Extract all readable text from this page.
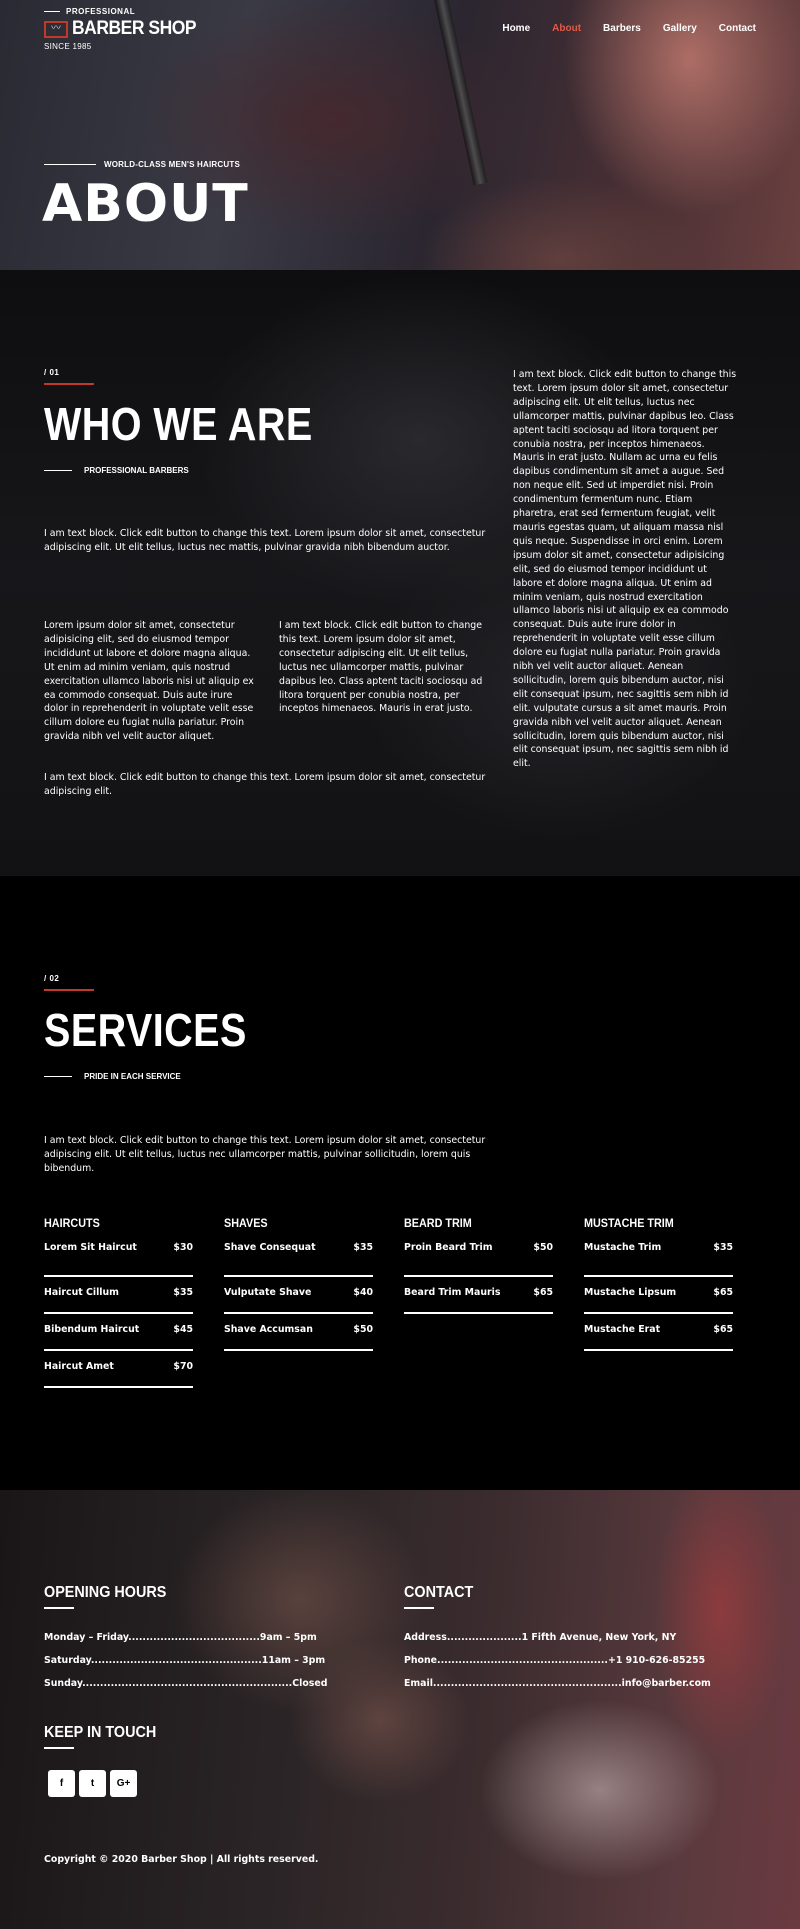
PROFESSIONAL
〰 BARBER SHOP
SINCE 1985
Home About Barbers Gallery Contact
WORLD-CLASS MEN'S HAIRCUTS
ABOUT
/ 01
WHO WE ARE
PROFESSIONAL BARBERS

I am text block. Click edit button to change this text. Lorem ipsum dolor sit amet, consectetur adipiscing elit. Ut elit tellus, luctus nec mattis, pulvinar gravida nibh bibendum auctor.

Lorem ipsum dolor sit amet, consectetur adipisicing elit, sed do eiusmod tempor incididunt ut labore et dolore magna aliqua. Ut enim ad minim veniam, quis nostrud exercitation ullamco laboris nisi ut aliquip ex ea commodo consequat. Duis aute irure dolor in reprehenderit in voluptate velit esse cillum dolore eu fugiat nulla pariatur. Proin gravida nibh vel velit auctor aliquet.

I am text block. Click edit button to change this text. Lorem ipsum dolor sit amet, consectetur adipiscing elit. Ut elit tellus, luctus nec ullamcorper mattis, pulvinar dapibus leo. Class aptent taciti sociosqu ad litora torquent per conubia nostra, per inceptos himenaeos. Mauris in erat justo.

I am text block. Click edit button to change this text. Lorem ipsum dolor sit amet, consectetur adipiscing elit.

I am text block. Click edit button to change this text. Lorem ipsum dolor sit amet, consectetur adipiscing elit. Ut elit tellus, luctus nec ullamcorper mattis, pulvinar dapibus leo. Class aptent taciti sociosqu ad litora torquent per conubia nostra, per inceptos himenaeos. Mauris in erat justo. Nullam ac urna eu felis dapibus condimentum sit amet a augue. Sed non neque elit. Sed ut imperdiet nisi. Proin condimentum fermentum nunc. Etiam pharetra, erat sed fermentum feugiat, velit mauris egestas quam, ut aliquam massa nisl quis neque. Suspendisse in orci enim. Lorem ipsum dolor sit amet, consectetur adipisicing elit, sed do eiusmod tempor incididunt ut labore et dolore magna aliqua. Ut enim ad minim veniam, quis nostrud exercitation ullamco laboris nisi ut aliquip ex ea commodo consequat. Duis aute irure dolor in reprehenderit in voluptate velit esse cillum dolore eu fugiat nulla pariatur. Proin gravida nibh vel velit auctor aliquet. Aenean sollicitudin, lorem quis bibendum auctor, nisi elit consequat ipsum, nec sagittis sem nibh id elit. vulputate cursus a sit amet mauris. Proin gravida nibh vel velit auctor aliquet. Aenean sollicitudin, lorem quis bibendum auctor, nisi elit consequat ipsum, nec sagittis sem nibh id elit.

/ 02
SERVICES
PRIDE IN EACH SERVICE

I am text block. Click edit button to change this text. Lorem ipsum dolor sit amet, consectetur adipiscing elit. Ut elit tellus, luctus nec ullamcorper mattis, pulvinar sollicitudin, lorem quis bibendum.

HAIRCUTS
Lorem Sit Haircut	$30
Haircut Cillum	$35
Bibendum Haircut	$45
Haircut Amet	$70
SHAVES
Shave Consequat	$35
Vulputate Shave	$40
Shave Accumsan	$50
BEARD TRIM
Proin Beard Trim	$50
Beard Trim Mauris	$65
MUSTACHE TRIM
Mustache Trim	$35
Mustache Lipsum	$65
Mustache Erat	$65
OPENING HOURS
Monday – Friday.....................................9am – 5pm
Saturday................................................11am – 3pm
Sunday...........................................................Closed
CONTACT
Address.....................1 Fifth Avenue, New York, NY
Phone................................................+1 910-626-85255
Email.....................................................info@barber.com
KEEP IN TOUCH
f	t	G+
Copyright © 2020 Barber Shop | All rights reserved.
